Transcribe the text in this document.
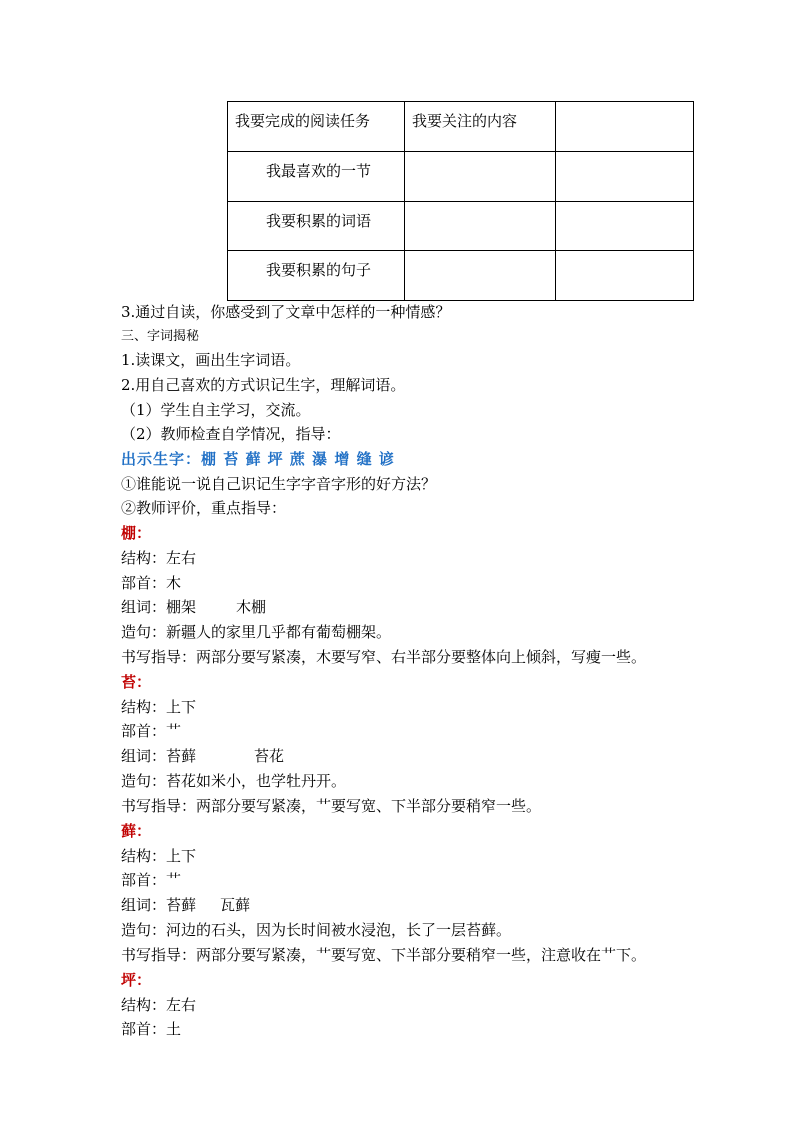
我要完成的阅读任务	我要关注的内容	

我最喜欢的一节		

我要积累的词语		

我要积累的句子		

3.通过自读，你感受到了文章中怎样的一种情感？
三、字词揭秘
1.读课文，画出生字词语。
2.用自己喜欢的方式识记生字，理解词语。
（1）学生自主学习，交流。
（2）教师检查自学情况，指导：
出示生字：棚 苔 藓 坪 蔗 瀑 增 缝 谚
①谁能说一说自己识记生字字音字形的好方法？
②教师评价，重点指导：
棚：
结构：左右
部首：木
组词：棚架	木棚
造句：新疆人的家里几乎都有葡萄棚架。
书写指导：两部分要写紧凑，木要写窄、右半部分要整体向上倾斜，写瘦一些。
苔：
结构：上下
部首：艹
组词：苔藓	苔花
造句：苔花如米小，也学牡丹开。
书写指导：两部分要写紧凑，艹要写宽、下半部分要稍窄一些。
藓：
结构：上下
部首：艹
组词：苔藓 瓦藓
造句：河边的石头，因为长时间被水浸泡，长了一层苔藓。
书写指导：两部分要写紧凑，艹要写宽、下半部分要稍窄一些，注意收在艹下。
坪：
结构：左右
部首：土
